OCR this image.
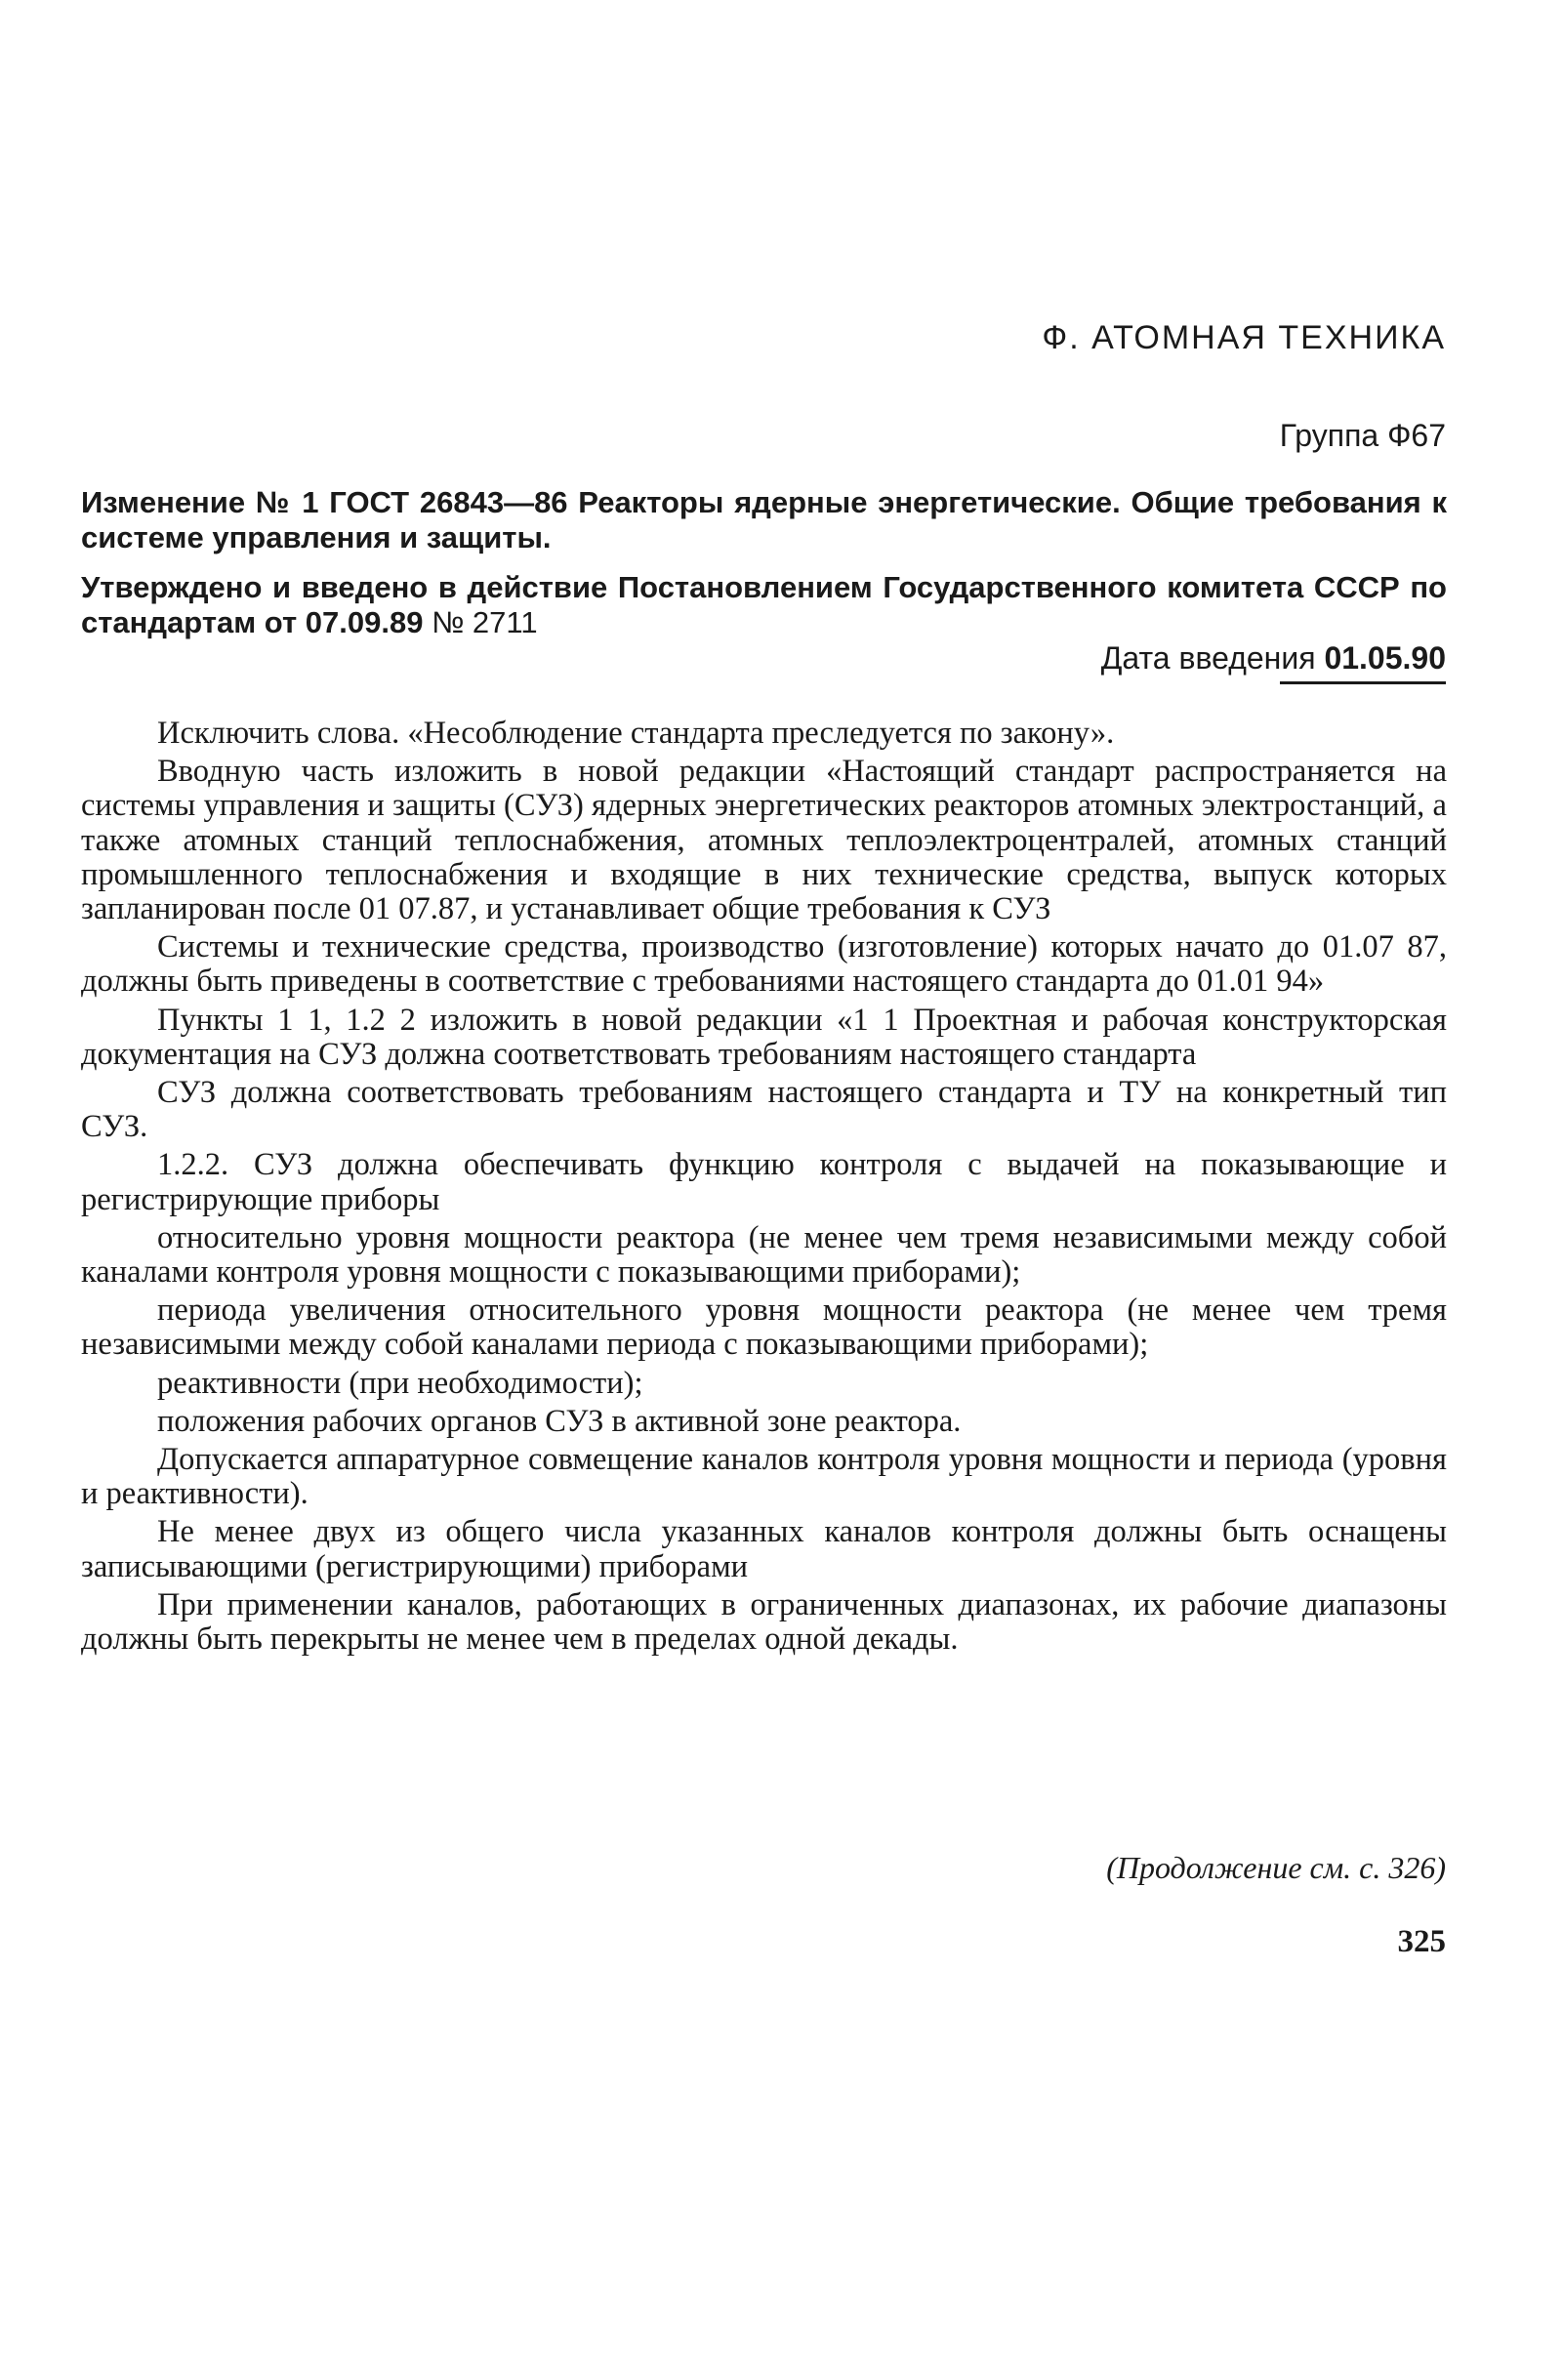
Ф. АТОМНАЯ ТЕХНИКА
Группа Ф67

Изменение № 1 ГОСТ 26843—86 Реакторы ядерные энергетические. Общие требования к системе управления и защиты.

Утверждено и введено в действие Постановлением Государственного комитета СССР по стандартам от 07.09.89 № 2711

Дата введения 01.05.90

Исключить слова. «Несоблюдение стандарта преследуется по закону».

Вводную часть изложить в новой редакции «Настоящий стандарт распространяется на системы управления и защиты (СУЗ) ядерных энергетических реакторов атомных электростанций, а также атомных станций теплоснабжения, атомных теплоэлектроцентралей, атомных станций промышленного теплоснабжения и входящие в них технические средства, выпуск которых запланирован после 01 07.87, и устанавливает общие требования к СУЗ

Системы и технические средства, производство (изготовление) которых начато до 01.07 87, должны быть приведены в соответствие с требованиями настоящего стандарта до 01.01 94»

Пункты 1 1, 1.2 2 изложить в новой редакции «1 1 Проектная и рабочая конструкторская документация на СУЗ должна соответствовать требованиям настоящего стандарта

СУЗ должна соответствовать требованиям настоящего стандарта и ТУ на конкретный тип СУЗ.

1.2.2. СУЗ должна обеспечивать функцию контроля с выдачей на показывающие и регистрирующие приборы

относительно уровня мощности реактора (не менее чем тремя независимыми между собой каналами контроля уровня мощности с показывающими приборами);

периода увеличения относительного уровня мощности реактора (не менее чем тремя независимыми между собой каналами периода с показывающими приборами);

реактивности (при необходимости);

положения рабочих органов СУЗ в активной зоне реактора.

Допускается аппаратурное совмещение каналов контроля уровня мощности и периода (уровня и реактивности).

Не менее двух из общего числа указанных каналов контроля должны быть оснащены записывающими (регистрирующими) приборами

При применении каналов, работающих в ограниченных диапазонах, их рабочие диапазоны должны быть перекрыты не менее чем в пределах одной декады.

(Продолжение см. с. 326)
325
